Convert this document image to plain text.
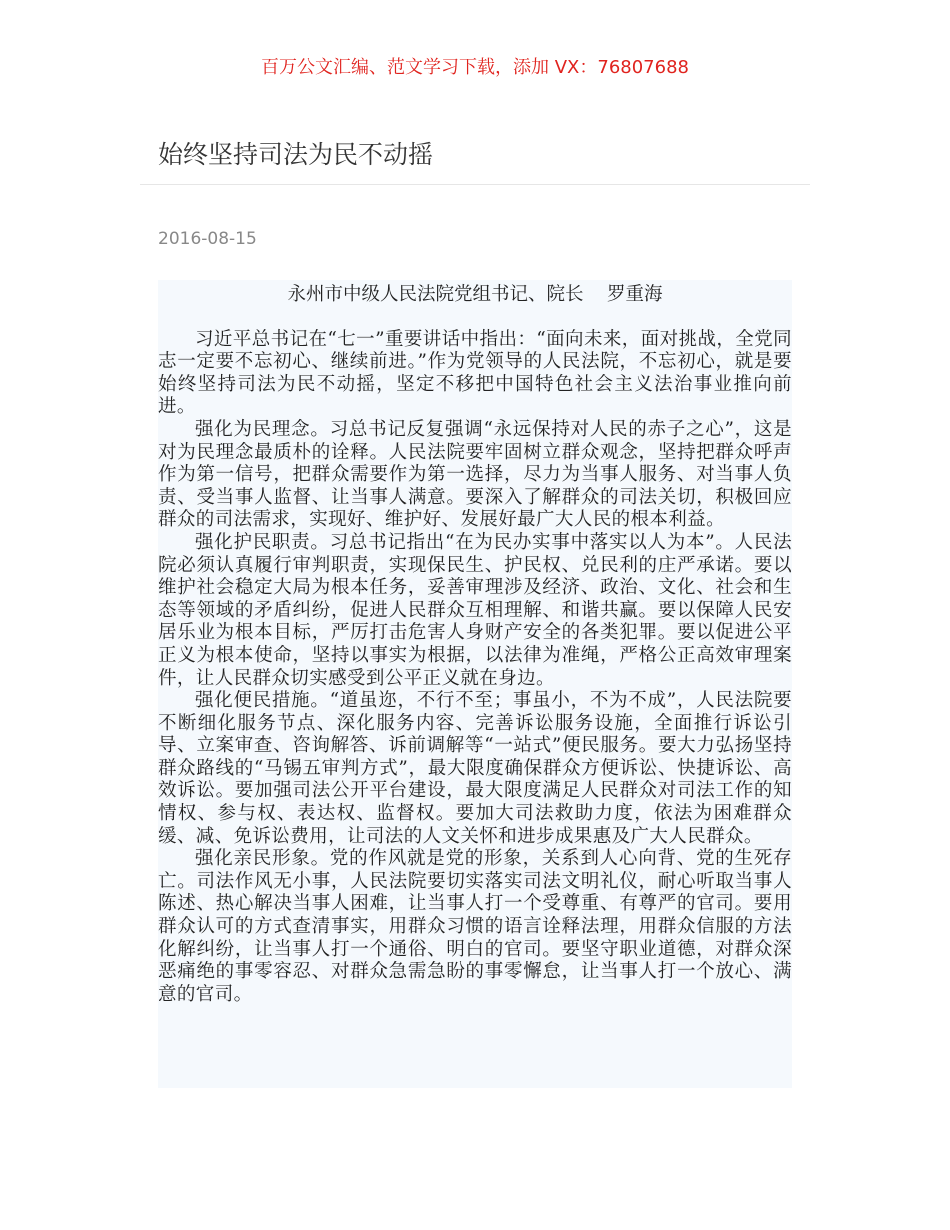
百万公文汇编、范文学习下载，添加 VX：76807688
始终坚持司法为民不动摇
2016-08-15
永州市中级人民法院党组书记、院长    罗重海

习近平总书记在“七一”重要讲话中指出：“面向未来，面对挑战，全党同志一定要不忘初心、继续前进。”作为党领导的人民法院，不忘初心，就是要始终坚持司法为民不动摇，坚定不移把中国特色社会主义法治事业推向前进。

强化为民理念。习总书记反复强调“永远保持对人民的赤子之心”，这是对为民理念最质朴的诠释。人民法院要牢固树立群众观念，坚持把群众呼声作为第一信号，把群众需要作为第一选择，尽力为当事人服务、对当事人负责、受当事人监督、让当事人满意。要深入了解群众的司法关切，积极回应群众的司法需求，实现好、维护好、发展好最广大人民的根本利益。

强化护民职责。习总书记指出“在为民办实事中落实以人为本”。人民法院必须认真履行审判职责，实现保民生、护民权、兑民利的庄严承诺。要以维护社会稳定大局为根本任务，妥善审理涉及经济、政治、文化、社会和生态等领域的矛盾纠纷，促进人民群众互相理解、和谐共赢。要以保障人民安居乐业为根本目标，严厉打击危害人身财产安全的各类犯罪。要以促进公平正义为根本使命，坚持以事实为根据，以法律为准绳，严格公正高效审理案件，让人民群众切实感受到公平正义就在身边。

强化便民措施。“道虽迩，不行不至；事虽小，不为不成”，人民法院要不断细化服务节点、深化服务内容、完善诉讼服务设施，全面推行诉讼引导、立案审查、咨询解答、诉前调解等“一站式”便民服务。要大力弘扬坚持群众路线的“马锡五审判方式”，最大限度确保群众方便诉讼、快捷诉讼、高效诉讼。要加强司法公开平台建设，最大限度满足人民群众对司法工作的知情权、参与权、表达权、监督权。要加大司法救助力度，依法为困难群众缓、减、免诉讼费用，让司法的人文关怀和进步成果惠及广大人民群众。

强化亲民形象。党的作风就是党的形象，关系到人心向背、党的生死存亡。司法作风无小事，人民法院要切实落实司法文明礼仪，耐心听取当事人陈述、热心解决当事人困难，让当事人打一个受尊重、有尊严的官司。要用群众认可的方式查清事实，用群众习惯的语言诠释法理，用群众信服的方法化解纠纷，让当事人打一个通俗、明白的官司。要坚守职业道德，对群众深恶痛绝的事零容忍、对群众急需急盼的事零懈怠，让当事人打一个放心、满意的官司。
